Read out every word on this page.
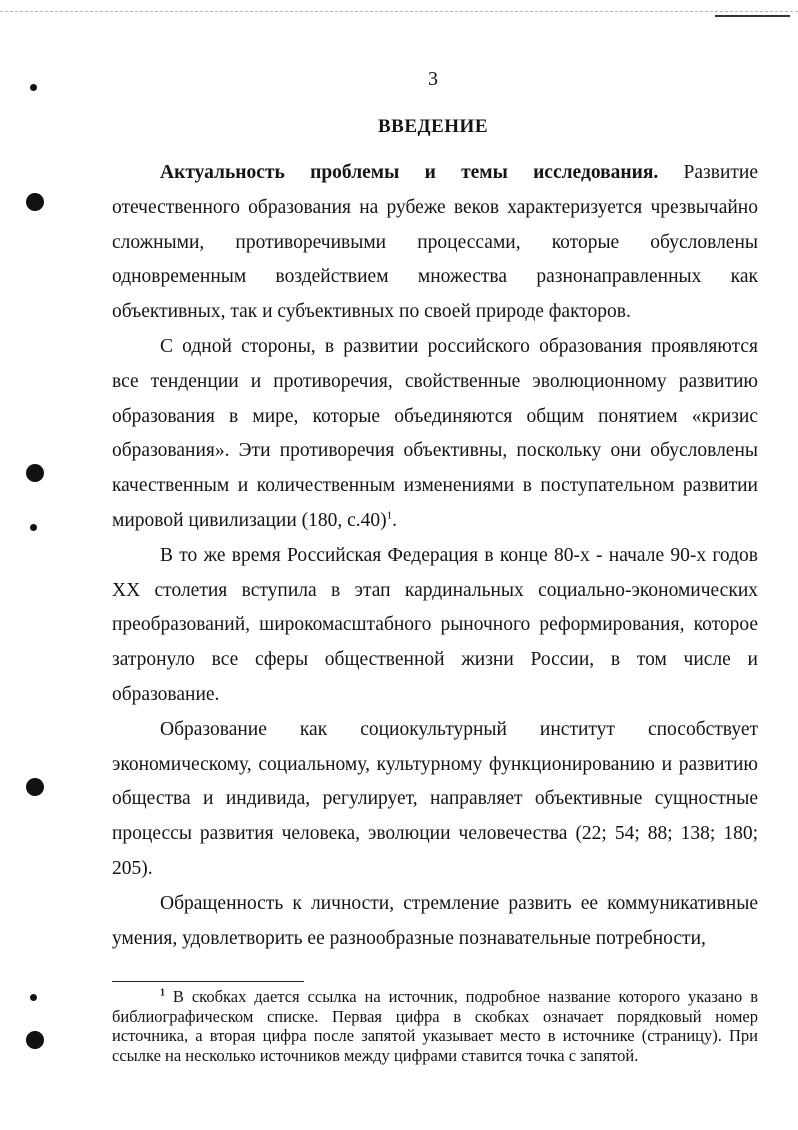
3
ВВЕДЕНИЕ

Актуальность проблемы и темы исследования. Развитие отечественного образования на рубеже веков характеризуется чрезвычайно сложными, противоречивыми процессами, которые обусловлены одновременным воздействием множества разнонаправленных как объективных, так и субъективных по своей природе факторов.

С одной стороны, в развитии российского образования проявляются все тенденции и противоречия, свойственные эволюционному развитию образования в мире, которые объединяются общим понятием «кризис образования». Эти противоречия объективны, поскольку они обусловлены качественным и количественным изменениями в поступательном развитии мировой цивилизации (180, с.40)$^1$.

В то же время Российская Федерация в конце 80-х - начале 90-х годов XX столетия вступила в этап кардинальных социально-экономических преобразований, широкомасштабного рыночного реформирования, которое затронуло все сферы общественной жизни России, в том числе и образование.

Образование как социокультурный институт способствует экономическому, социальному, культурному функционированию и развитию общества и индивида, регулирует, направляет объективные сущностные процессы развития человека, эволюции человечества (22; 54; 88; 138; 180; 205).

Обращенность к личности, стремление развить ее коммуникативные умения, удовлетворить ее разнообразные познавательные потребности,

$^1$ В скобках дается ссылка на источник, подробное название которого указано в библиографическом списке. Первая цифра в скобках означает порядковый номер источника, а вторая цифра после запятой указывает место в источнике (страницу). При ссылке на несколько источников между цифрами ставится точка с запятой.
